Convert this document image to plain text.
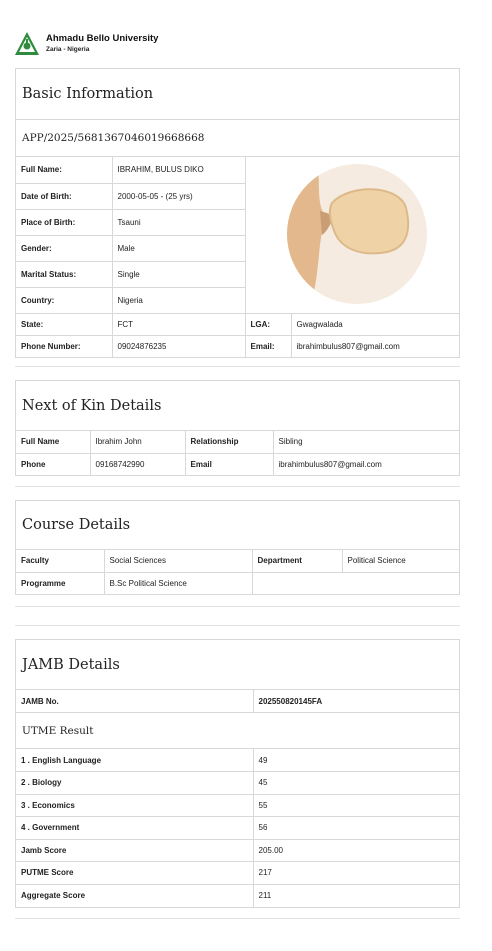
Ahmadu Bello University
Zaria - Nigeria
Basic Information
APP/2025/5681367046019668668
Full Name:	IBRAHIM, BULUS DIKO	

Date of Birth:	2000-05-05 - (25 yrs)		
Place of Birth:	Tsauni		
Gender:	Male		
Marital Status:	Single		
Country:	Nigeria		
State:	FCT	LGA:	Gwagwalada
Phone Number:	09024876235	Email:	ibrahimbulus807@gmail.com
Next of Kin Details
Full Name	Ibrahim John	Relationship	Sibling
Phone	09168742990	Email	ibrahimbulus807@gmail.com
Course Details
Faculty	Social Sciences	Department	Political Science
Programme	B.Sc Political Science		
JAMB Details
JAMB No.	202550820145FA
UTME Result
1 . English Language	49
2 . Biology	45
3 . Economics	55
4 . Government	56
Jamb Score	205.00
PUTME Score	217
Aggregate Score	211
